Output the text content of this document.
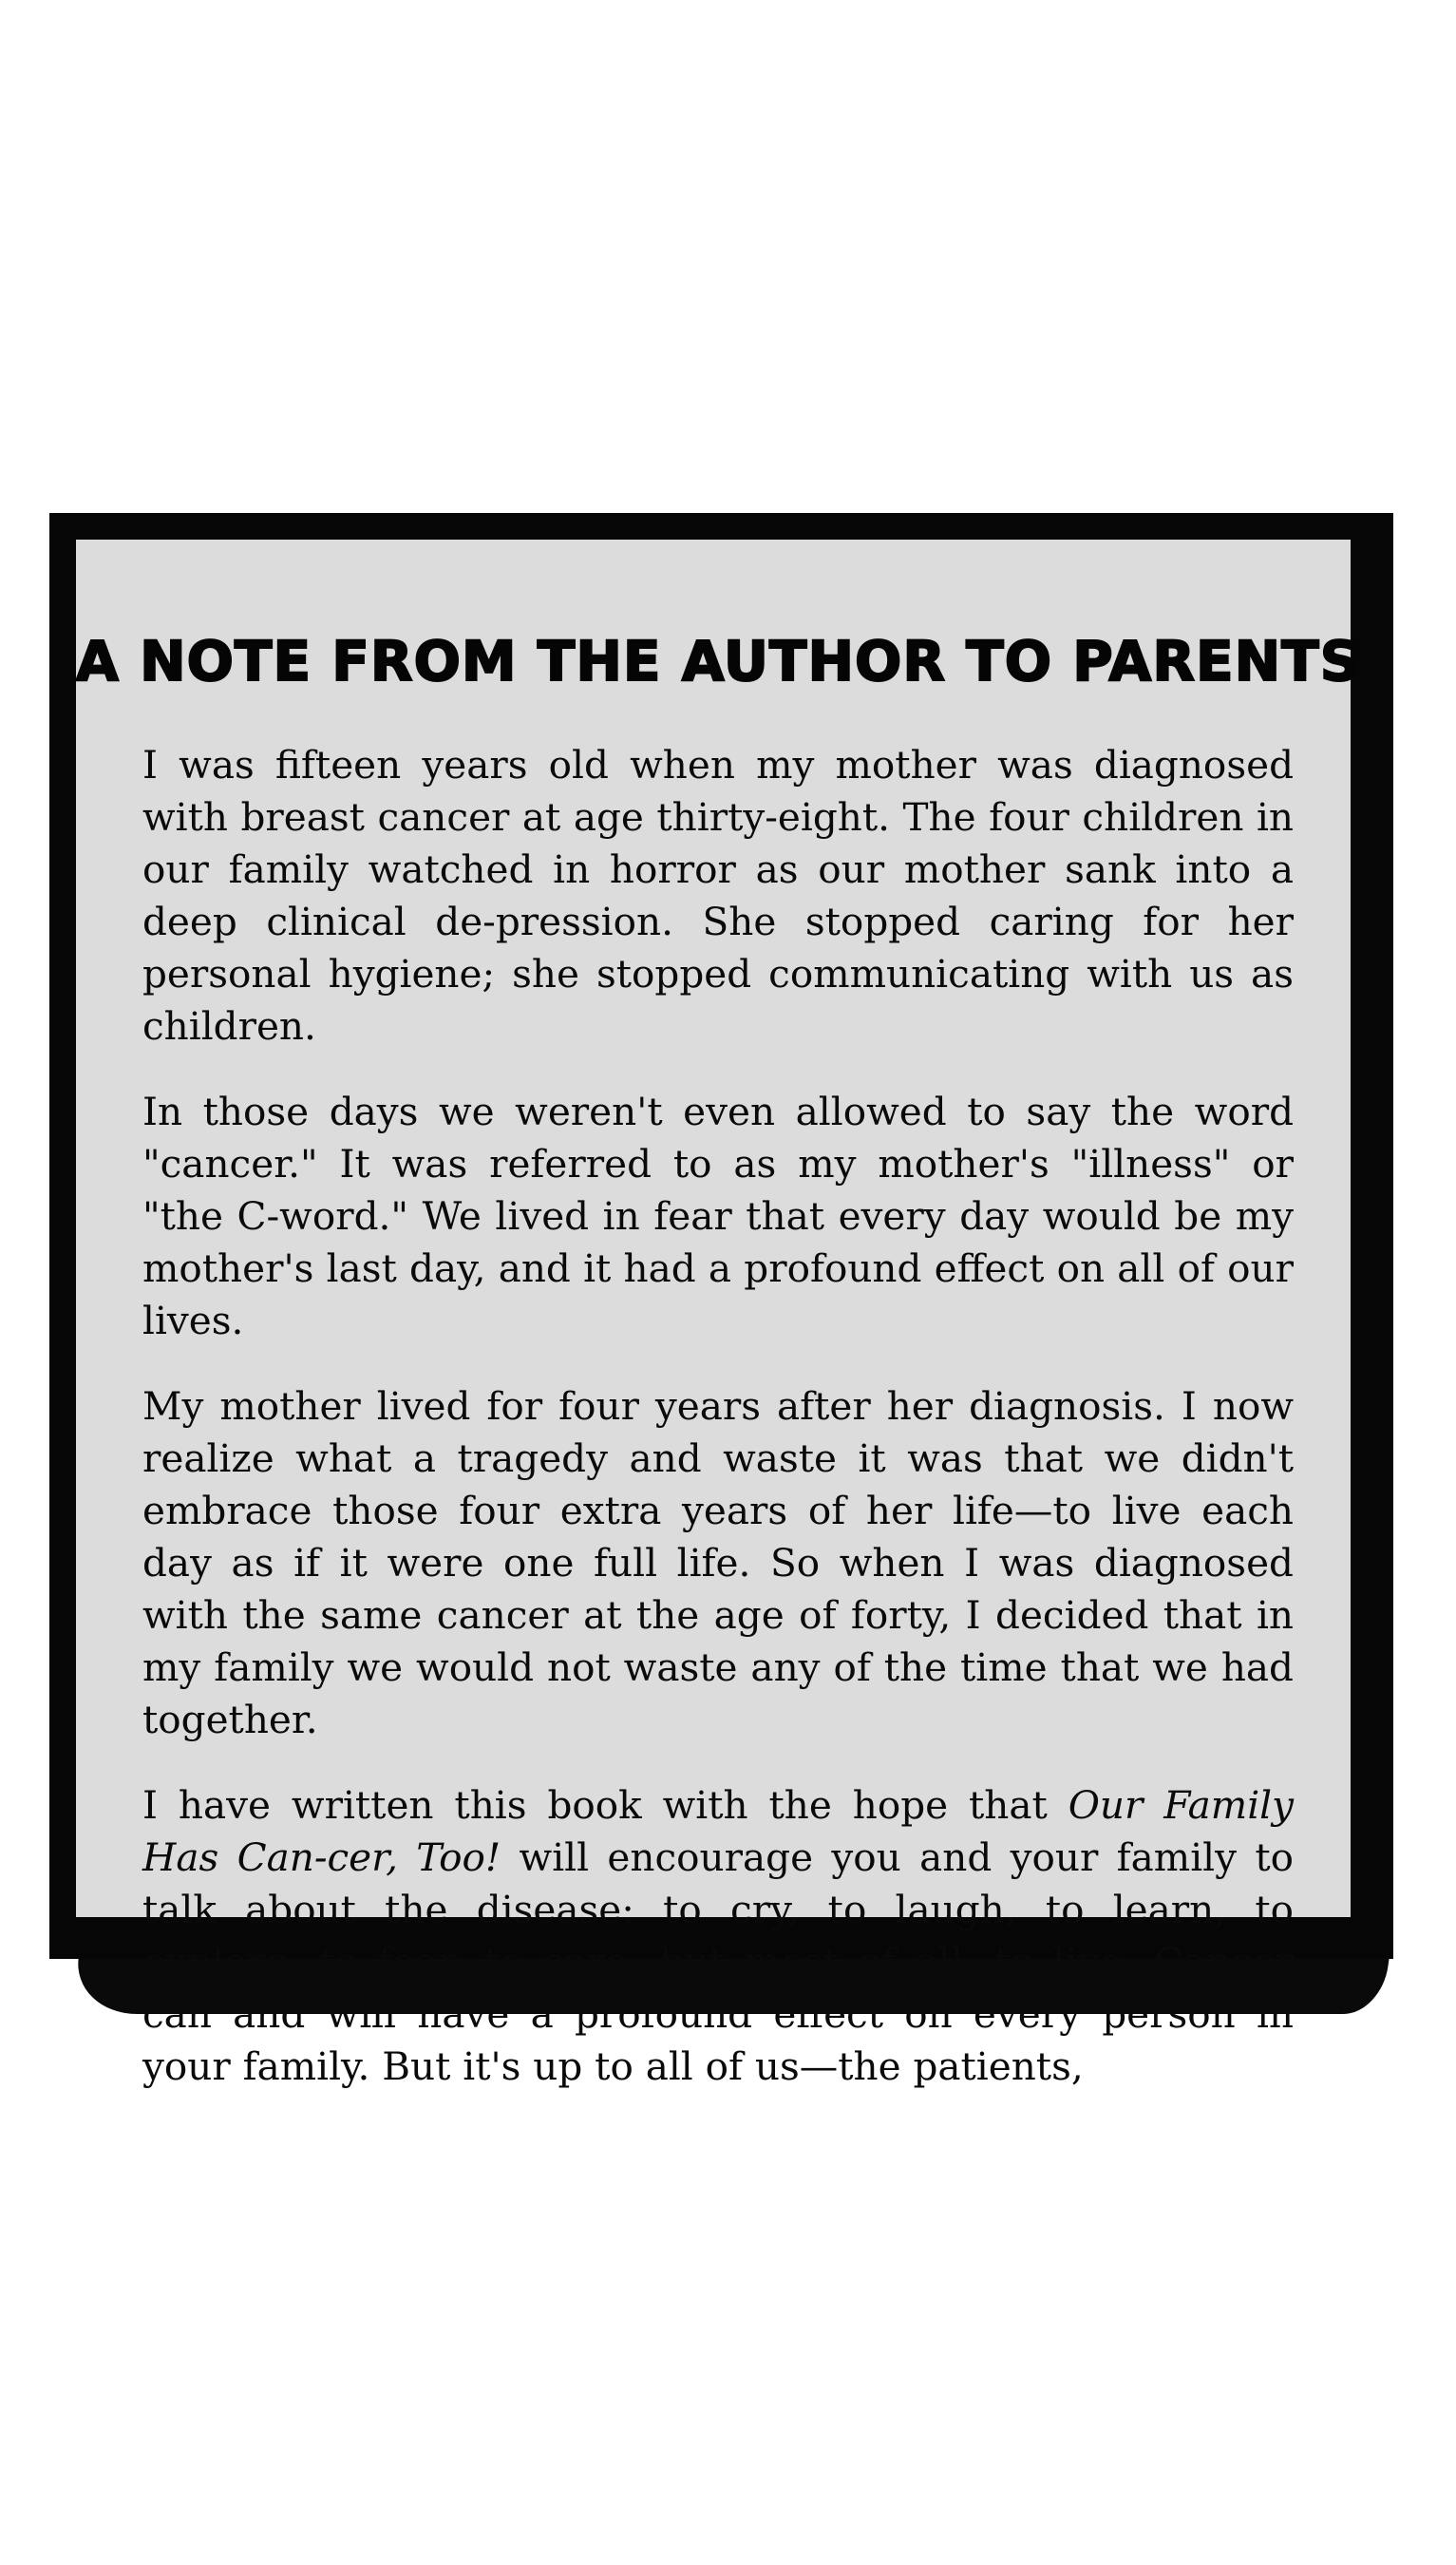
A NOTE FROM THE AUTHOR TO PARENTS

I was fifteen years old when my mother was diagnosed with breast cancer at age thirty-eight. The four children in our family watched in horror as our mother sank into a deep clinical de-pression. She stopped caring for her personal hygiene; she stopped communicating with us as children.

In those days we weren't even allowed to say the word "cancer." It was referred to as my mother's "illness" or "the C-word." We lived in fear that every day would be my mother's last day, and it had a profound effect on all of our lives.

My mother lived for four years after her diagnosis. I now realize what a tragedy and waste it was that we didn't embrace those four extra years of her life—to live each day as if it were one full life. So when I was diagnosed with the same cancer at the age of forty, I decided that in my family we would not waste any of the time that we had together.

I have written this book with the hope that Our Family Has Can-cer, Too! will encourage you and your family to talk about the disease: to cry, to laugh, to learn, to explore, to fear, to care, but most of all, to live. Cancer can and will have a profound effect on every person in your family. But it's up to all of us—the patients,
